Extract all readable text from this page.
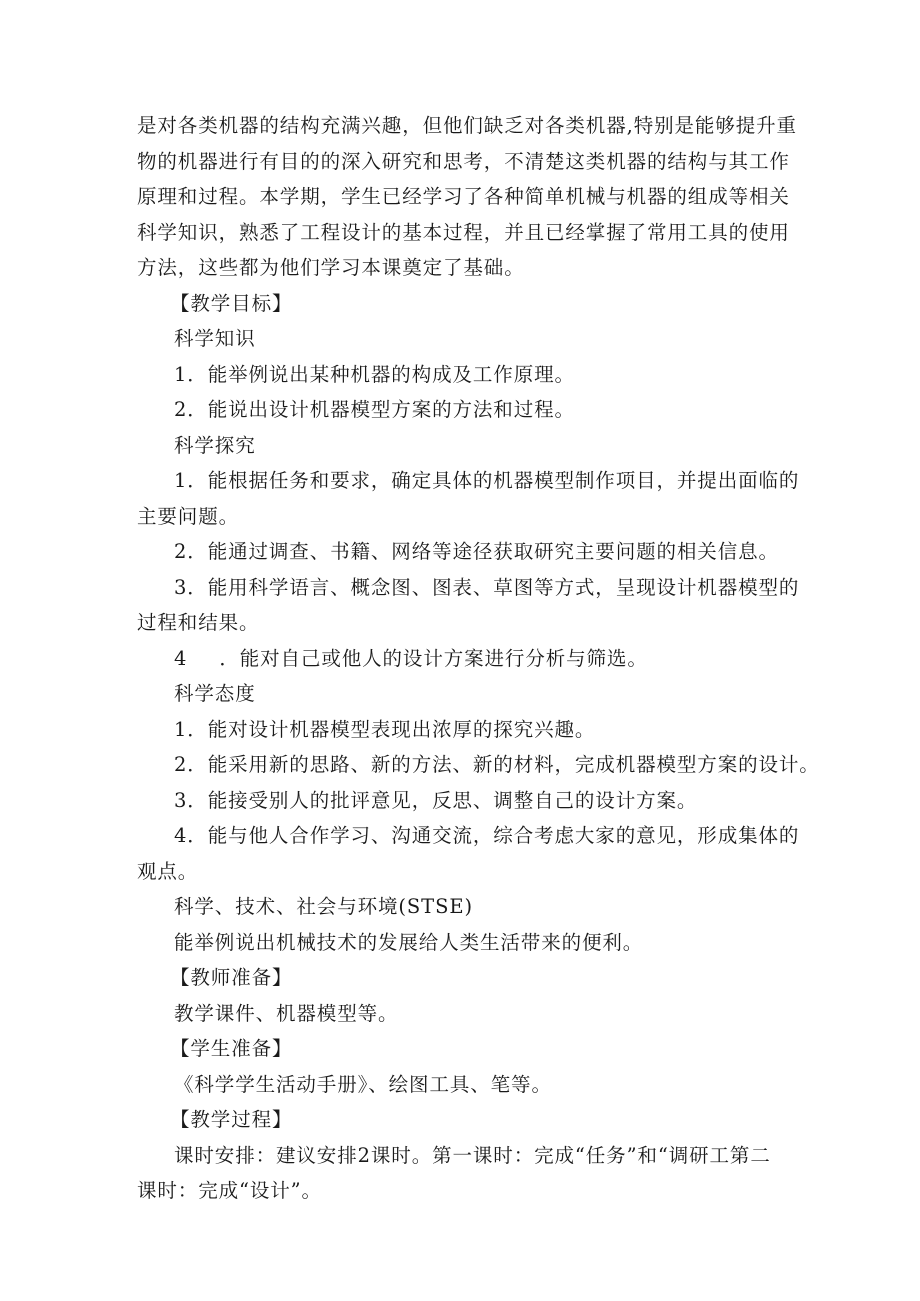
是对各类机器的结构充满兴趣，但他们缺乏对各类机器,特别是能够提升重
物的机器进行有目的的深入研究和思考，不清楚这类机器的结构与其工作
原理和过程。本学期，学生已经学习了各种简单机械与机器的组成等相关
科学知识，熟悉了工程设计的基本过程，并且已经掌握了常用工具的使用
方法，这些都为他们学习本课奠定了基础。
【教学目标】
科学知识
1．能举例说出某种机器的构成及工作原理。
2．能说出设计机器模型方案的方法和过程。
科学探究
1．能根据任务和要求，确定具体的机器模型制作项目，并提出面临的
主要问题。
2．能通过调查、书籍、网络等途径获取研究主要问题的相关信息。
3．能用科学语言、概念图、图表、草图等方式，呈现设计机器模型的
过程和结果。
4 ．能对自己或他人的设计方案进行分析与筛选。
科学态度
1．能对设计机器模型表现出浓厚的探究兴趣。
2．能采用新的思路、新的方法、新的材料，完成机器模型方案的设计。
3．能接受别人的批评意见，反思、调整自己的设计方案。
4．能与他人合作学习、沟通交流，综合考虑大家的意见，形成集体的
观点。
科学、技术、社会与环境(STSE)
能举例说出机械技术的发展给人类生活带来的便利。
【教师准备】
教学课件、机器模型等。
【学生准备】
《科学学生活动手册》、绘图工具、笔等。
【教学过程】
课时安排：建议安排2课时。第一课时：完成“任务”和“调研工第二
课时：完成“设计”。
